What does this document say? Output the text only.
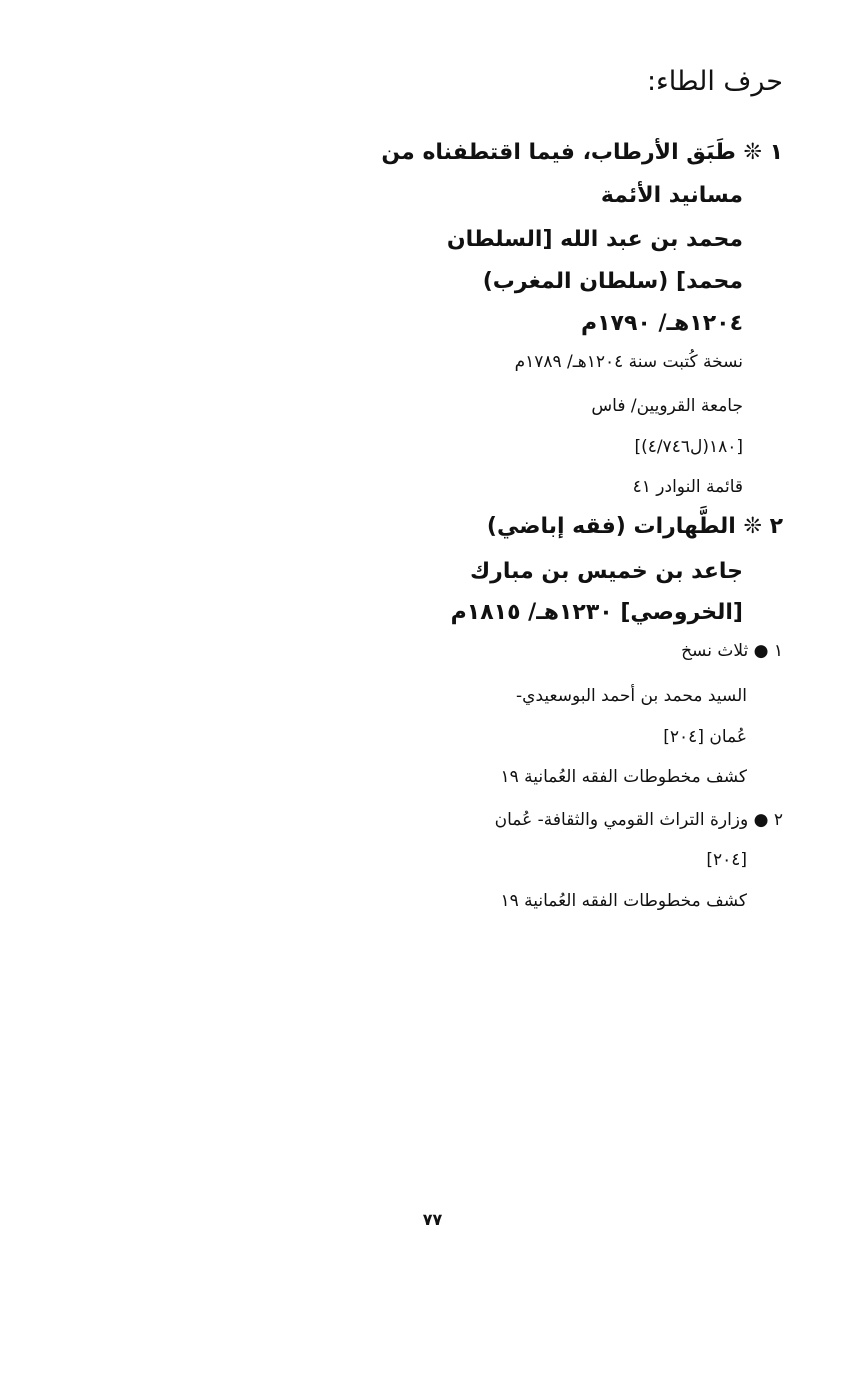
حرف الطاء:
١ ❊ طَبَق الأرطاب، فيما اقتطفناه من
مسانيد الأئمة
محمد بن عبد الله [السلطان
محمد] (سلطان المغرب)
١٢٠٤هـ/ ١٧٩٠م
نسخة كُتبت سنة ١٢٠٤هـ/ ١٧٨٩م
جامعة القرويين/ فاس
[١٨٠(ل٤/٧٤٦)]
قائمة النوادر ٤١
٢ ❊ الطَّهارات (فقه إباضي)
جاعد بن خميس بن مبارك
[الخروصي] ١٢٣٠هـ/ ١٨١٥م
١ ● ثلاث نسخ
السيد محمد بن أحمد البوسعيدي-
عُمان [٢٠٤]
كشف مخطوطات الفقه العُمانية ١٩
٢ ● وزارة التراث القومي والثقافة- عُمان
[٢٠٤]
كشف مخطوطات الفقه العُمانية ١٩
٧٧
